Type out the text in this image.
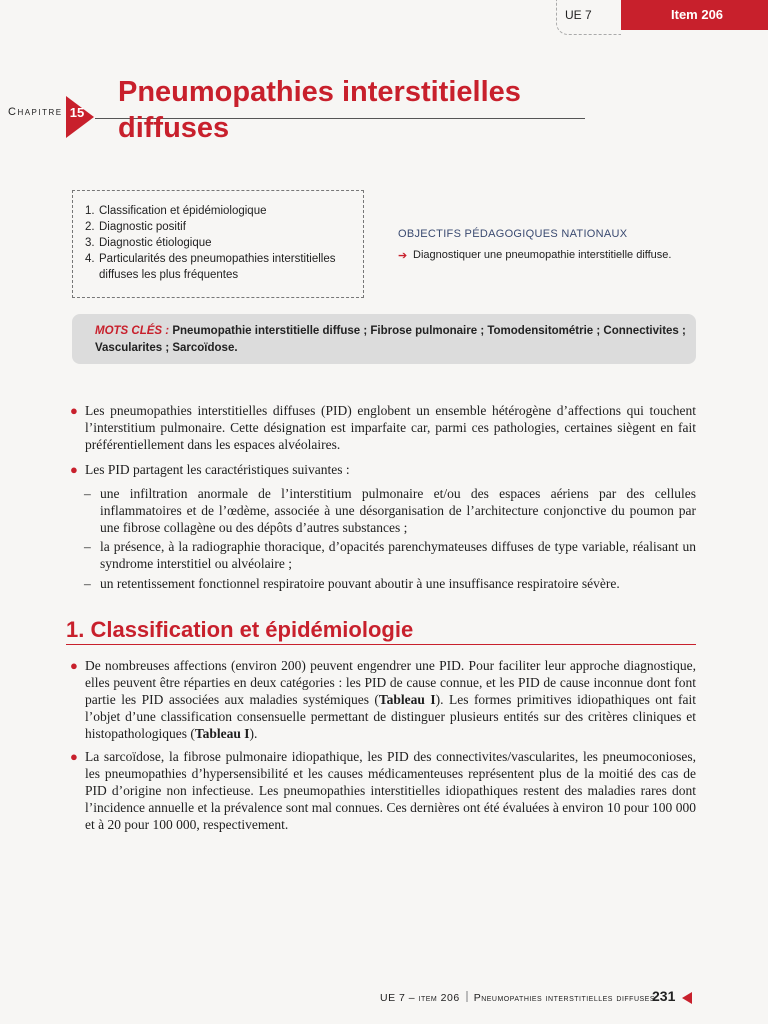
UE 7	Item 206
Chapitre 15
Pneumopathies interstitielles diffuses
1. Classification et épidémiologique
2. Diagnostic positif
3. Diagnostic étiologique
4. Particularités des pneumopathies interstitielles diffuses les plus fréquentes
OBJECTIFS PÉDAGOGIQUES NATIONAUX
➔ Diagnostiquer une pneumopathie interstitielle diffuse.

MOTS CLÉS : Pneumopathie interstitielle diffuse ; Fibrose pulmonaire ; Tomodensitométrie ; Connectivites ; Vascularites ; Sarcoïdose.

● Les pneumopathies interstitielles diffuses (PID) englobent un ensemble hétérogène d’affections qui touchent l’interstitium pulmonaire. Cette désignation est imparfaite car, parmi ces pathologies, certaines siègent en fait préférentiellement dans les espaces alvéolaires.
● Les PID partagent les caractéristiques suivantes :
– une infiltration anormale de l’interstitium pulmonaire et/ou des espaces aériens par des cellules inflammatoires et de l’œdème, associée à une désorganisation de l’architecture conjonctive du poumon par une fibrose collagène ou des dépôts d’autres substances ;
– la présence, à la radiographie thoracique, d’opacités parenchymateuses diffuses de type variable, réalisant un syndrome interstitiel ou alvéolaire ;
– un retentissement fonctionnel respiratoire pouvant aboutir à une insuffisance respiratoire sévère.
1. Classification et épidémiologie
● De nombreuses affections (environ 200) peuvent engendrer une PID. Pour faciliter leur approche diagnostique, elles peuvent être réparties en deux catégories : les PID de cause connue, et les PID de cause inconnue dont font partie les PID associées aux maladies systémiques (Tableau I). Les formes primitives idiopathiques ont fait l’objet d’une classification consensuelle permettant de distinguer plusieurs entités sur des critères cliniques et histopathologiques (Tableau I).
● La sarcoïdose, la fibrose pulmonaire idiopathique, les PID des connectivites/vascularites, les pneumoconioses, les pneumopathies d’hypersensibilité et les causes médicamenteuses représentent plus de la moitié des cas de PID d’origine non infectieuse. Les pneumopathies interstitielles idiopathiques restent des maladies rares dont l’incidence annuelle et la prévalence sont mal connues. Ces dernières ont été évaluées à environ 10 pour 100 000 et à 20 pour 100 000, respectivement.
UE 7 – item 206 Pneumopathies interstitielles diffuses
231
